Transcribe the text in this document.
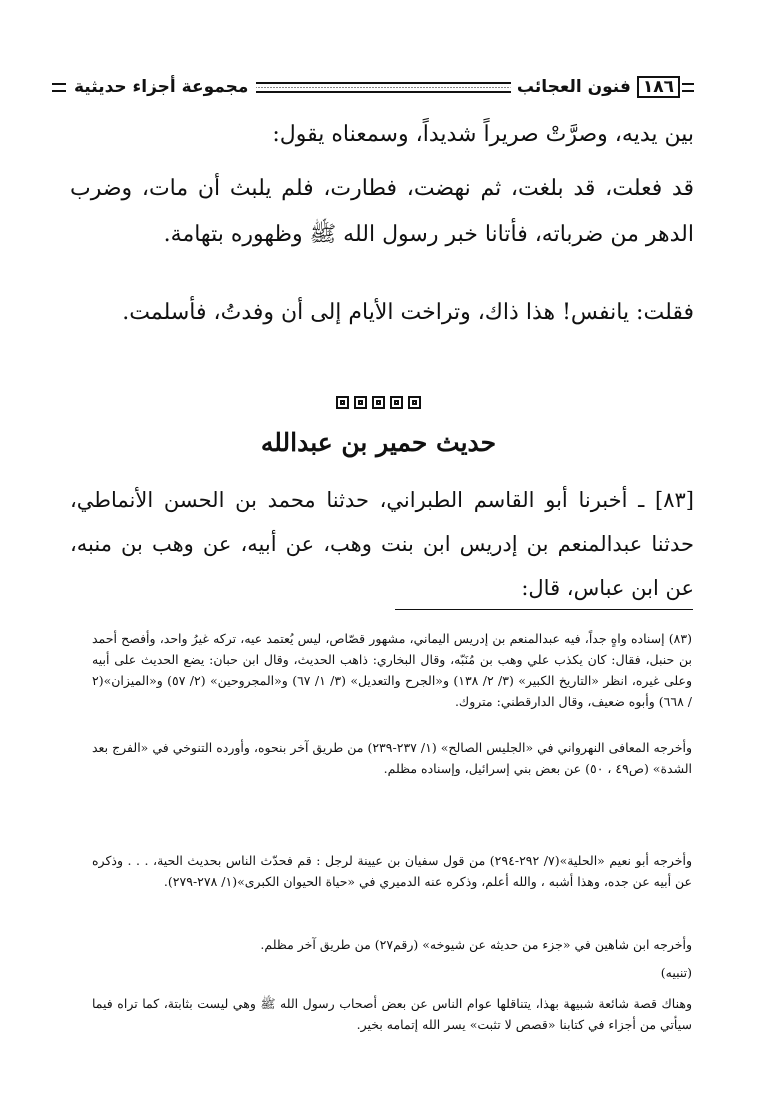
١٨٦
فنون العجائب
مجموعة أجزاء حديثية
بين يديه، وصرَّتْ صريراً شديداً، وسمعناه يقول:
قد فعلت، قد بلغت، ثم نهضت، فطارت، فلم يلبث أن مات، وضرب الدهر من ضرباته، فأتانا خبر رسول الله ﷺ وظهوره بتهامة.
فقلت: يانفس! هذا ذاك، وتراخت الأيام إلى أن وفدتُ، فأسلمت.
حديث حمير بن عبدالله
[٨٣] ـ أخبرنا أبو القاسم الطبراني، حدثنا محمد بن الحسن الأنماطي، حدثنا عبدالمنعم بن إدريس ابن بنت وهب، عن أبيه، عن وهب بن منبه، عن ابن عباس، قال:
(٨٣) إسناده واهٍ جداً، فيه عبدالمنعم بن إدريس اليماني، مشهور قصّاص، ليس يُعتمد عيه، تركه غيرُ واحد، وأفصح أحمد بن حنبل، فقال: كان يكذب علي وهب بن مُنَبّه، وقال البخاري: ذاهب الحديث، وقال ابن حبان: يضع الحديث على أبيه وعلى غيره، انظر «التاريخ الكبير» (٣/ ٢/ ١٣٨) و«الجرح والتعديل» (٣/ ١/ ٦٧) و«المجروحين» (٢/ ٥٧) و«الميزان»(٢ / ٦٦٨) وأبوه ضعيف، وقال الدارقطني: متروك.
وأخرجه المعافى النهرواني في «الجليس الصالح» (١/ ٢٣٧-٢٣٩) من طريق آخر بنحوه، وأورده التنوخي في «الفرج بعد الشدة» (ص٤٩ ، ٥٠) عن بعض بني إسرائيل، وإسناده مظلم.
وأخرجه أبو نعيم «الحلية»(٧/ ٢٩٢-٢٩٤) من قول سفيان بن عيينة لرجل : قم فحدّث الناس بحديث الحية، . . . وذكره عن أبيه عن جده، وهذا أشبه ، والله أعلم، وذكره عنه الدميري في «حياة الحيوان الكبرى»(١/ ٢٧٨-٢٧٩).
وأخرجه ابن شاهين في «جزء من حديثه عن شيوخه» (رقم٢٧) من طريق آخر مظلم.
(تنبيه)
وهناك قصة شائعة شبيهة بهذا، يتناقلها عوام الناس عن بعض أصحاب رسول الله ﷺ وهي ليست بثابتة، كما تراه فيما سيأتي من أجزاء في كتابنا «قصص لا تثبت» يسر الله إتمامه بخير.
